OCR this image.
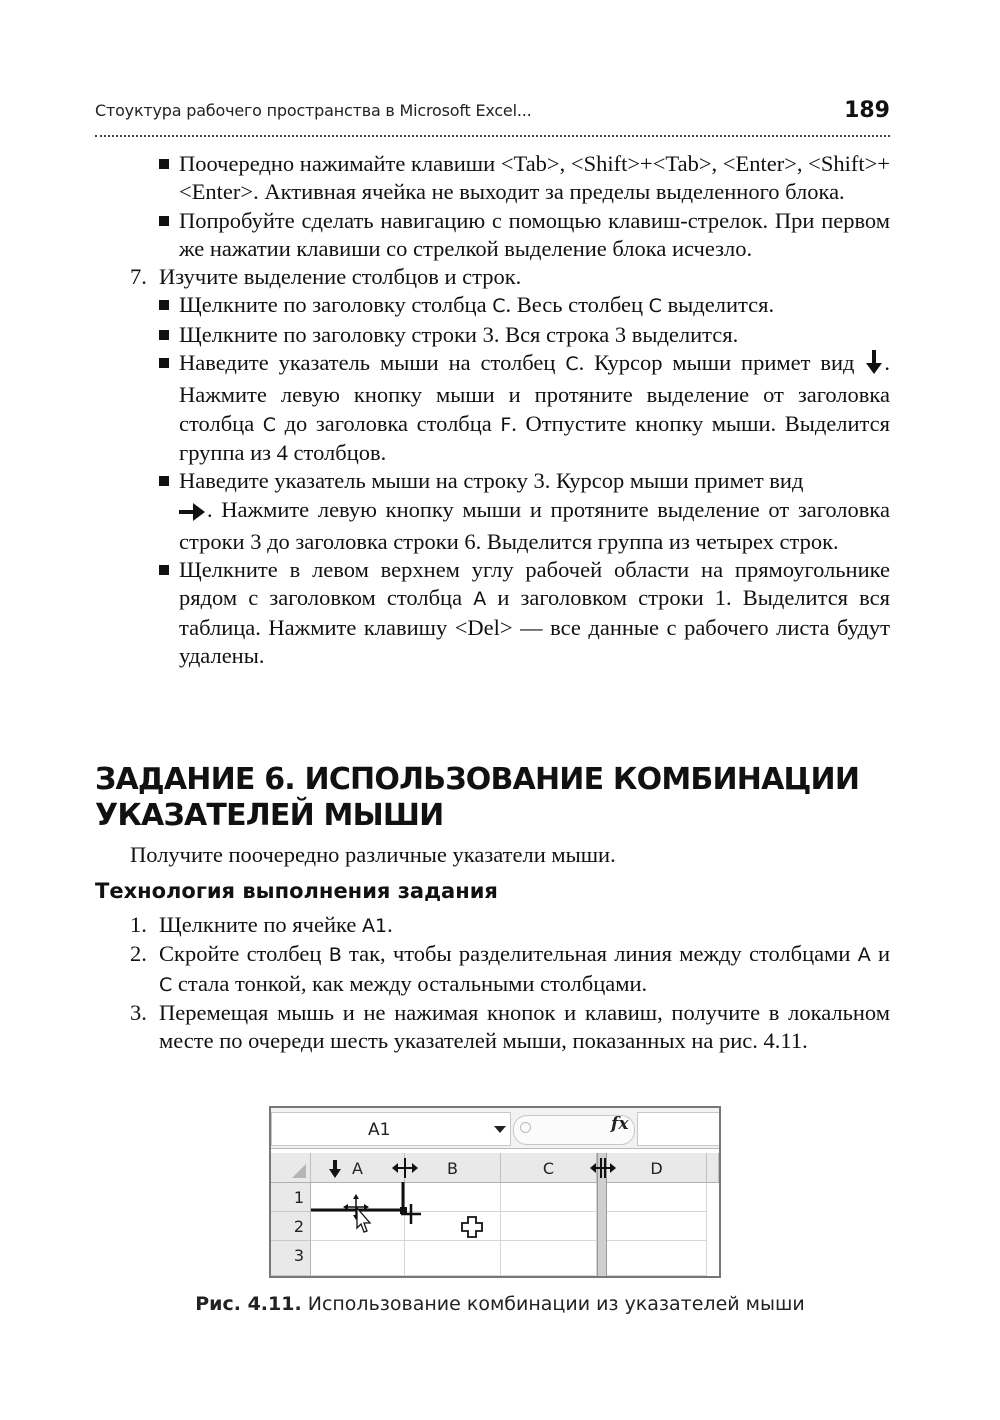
Стоуктура рабочего пространства в Microsoft Excel...	189
Поочередно нажимайте клавиши <Tab>, <Shift>+<Tab>, <Enter>, <Shift>+<Enter>. Активная ячейка не выходит за пределы выделенного блока.
Попробуйте сделать навигацию с помощью клавиш-стрелок. При первом же нажатии клавиши со стрелкой выделение блока исчезло.
7. Изучите выделение столбцов и строк.
Щелкните по заголовку столбца C. Весь столбец C выделится.
Щелкните по заголовку строки 3. Вся строка 3 выделится.
Наведите указатель мыши на столбец C. Курсор мыши примет вид . Нажмите левую кнопку мыши и протяните выделение от заголовка столбца C до заголовка столбца F. Отпустите кнопку мыши. Выделится группа из 4 столбцов.
Наведите указатель мыши на строку 3. Курсор мыши примет вид
. Нажмите левую кнопку мыши и протяните выделение от заголовка строки 3 до заголовка строки 6. Выделится группа из четырех строк.
Щелкните в левом верхнем углу рабочей области на прямоугольнике рядом с заголовком столбца A и заголовком строки 1. Выделится вся таблица. Нажмите клавишу <Del> — все данные с рабочего листа будут удалены.
ЗАДАНИЕ 6. ИСПОЛЬЗОВАНИЕ КОМБИНАЦИИ
УКАЗАТЕЛЕЙ МЫШИ
Получите поочередно различные указатели мыши.
Технология выполнения задания
1. Щелкните по ячейке A1.
2. Скройте столбец B так, чтобы разделительная линия между столбцами A и C стала тонкой, как между остальными столбцами.
3. Перемещая мышь и не нажимая кнопок и клавиш, получите в локальном месте по очереди шесть указателей мыши, показанных на рис. 4.11.
A1	fx
A	B	C	D
1
2
3
Рис. 4.11. Использование комбинации из указателей мыши
